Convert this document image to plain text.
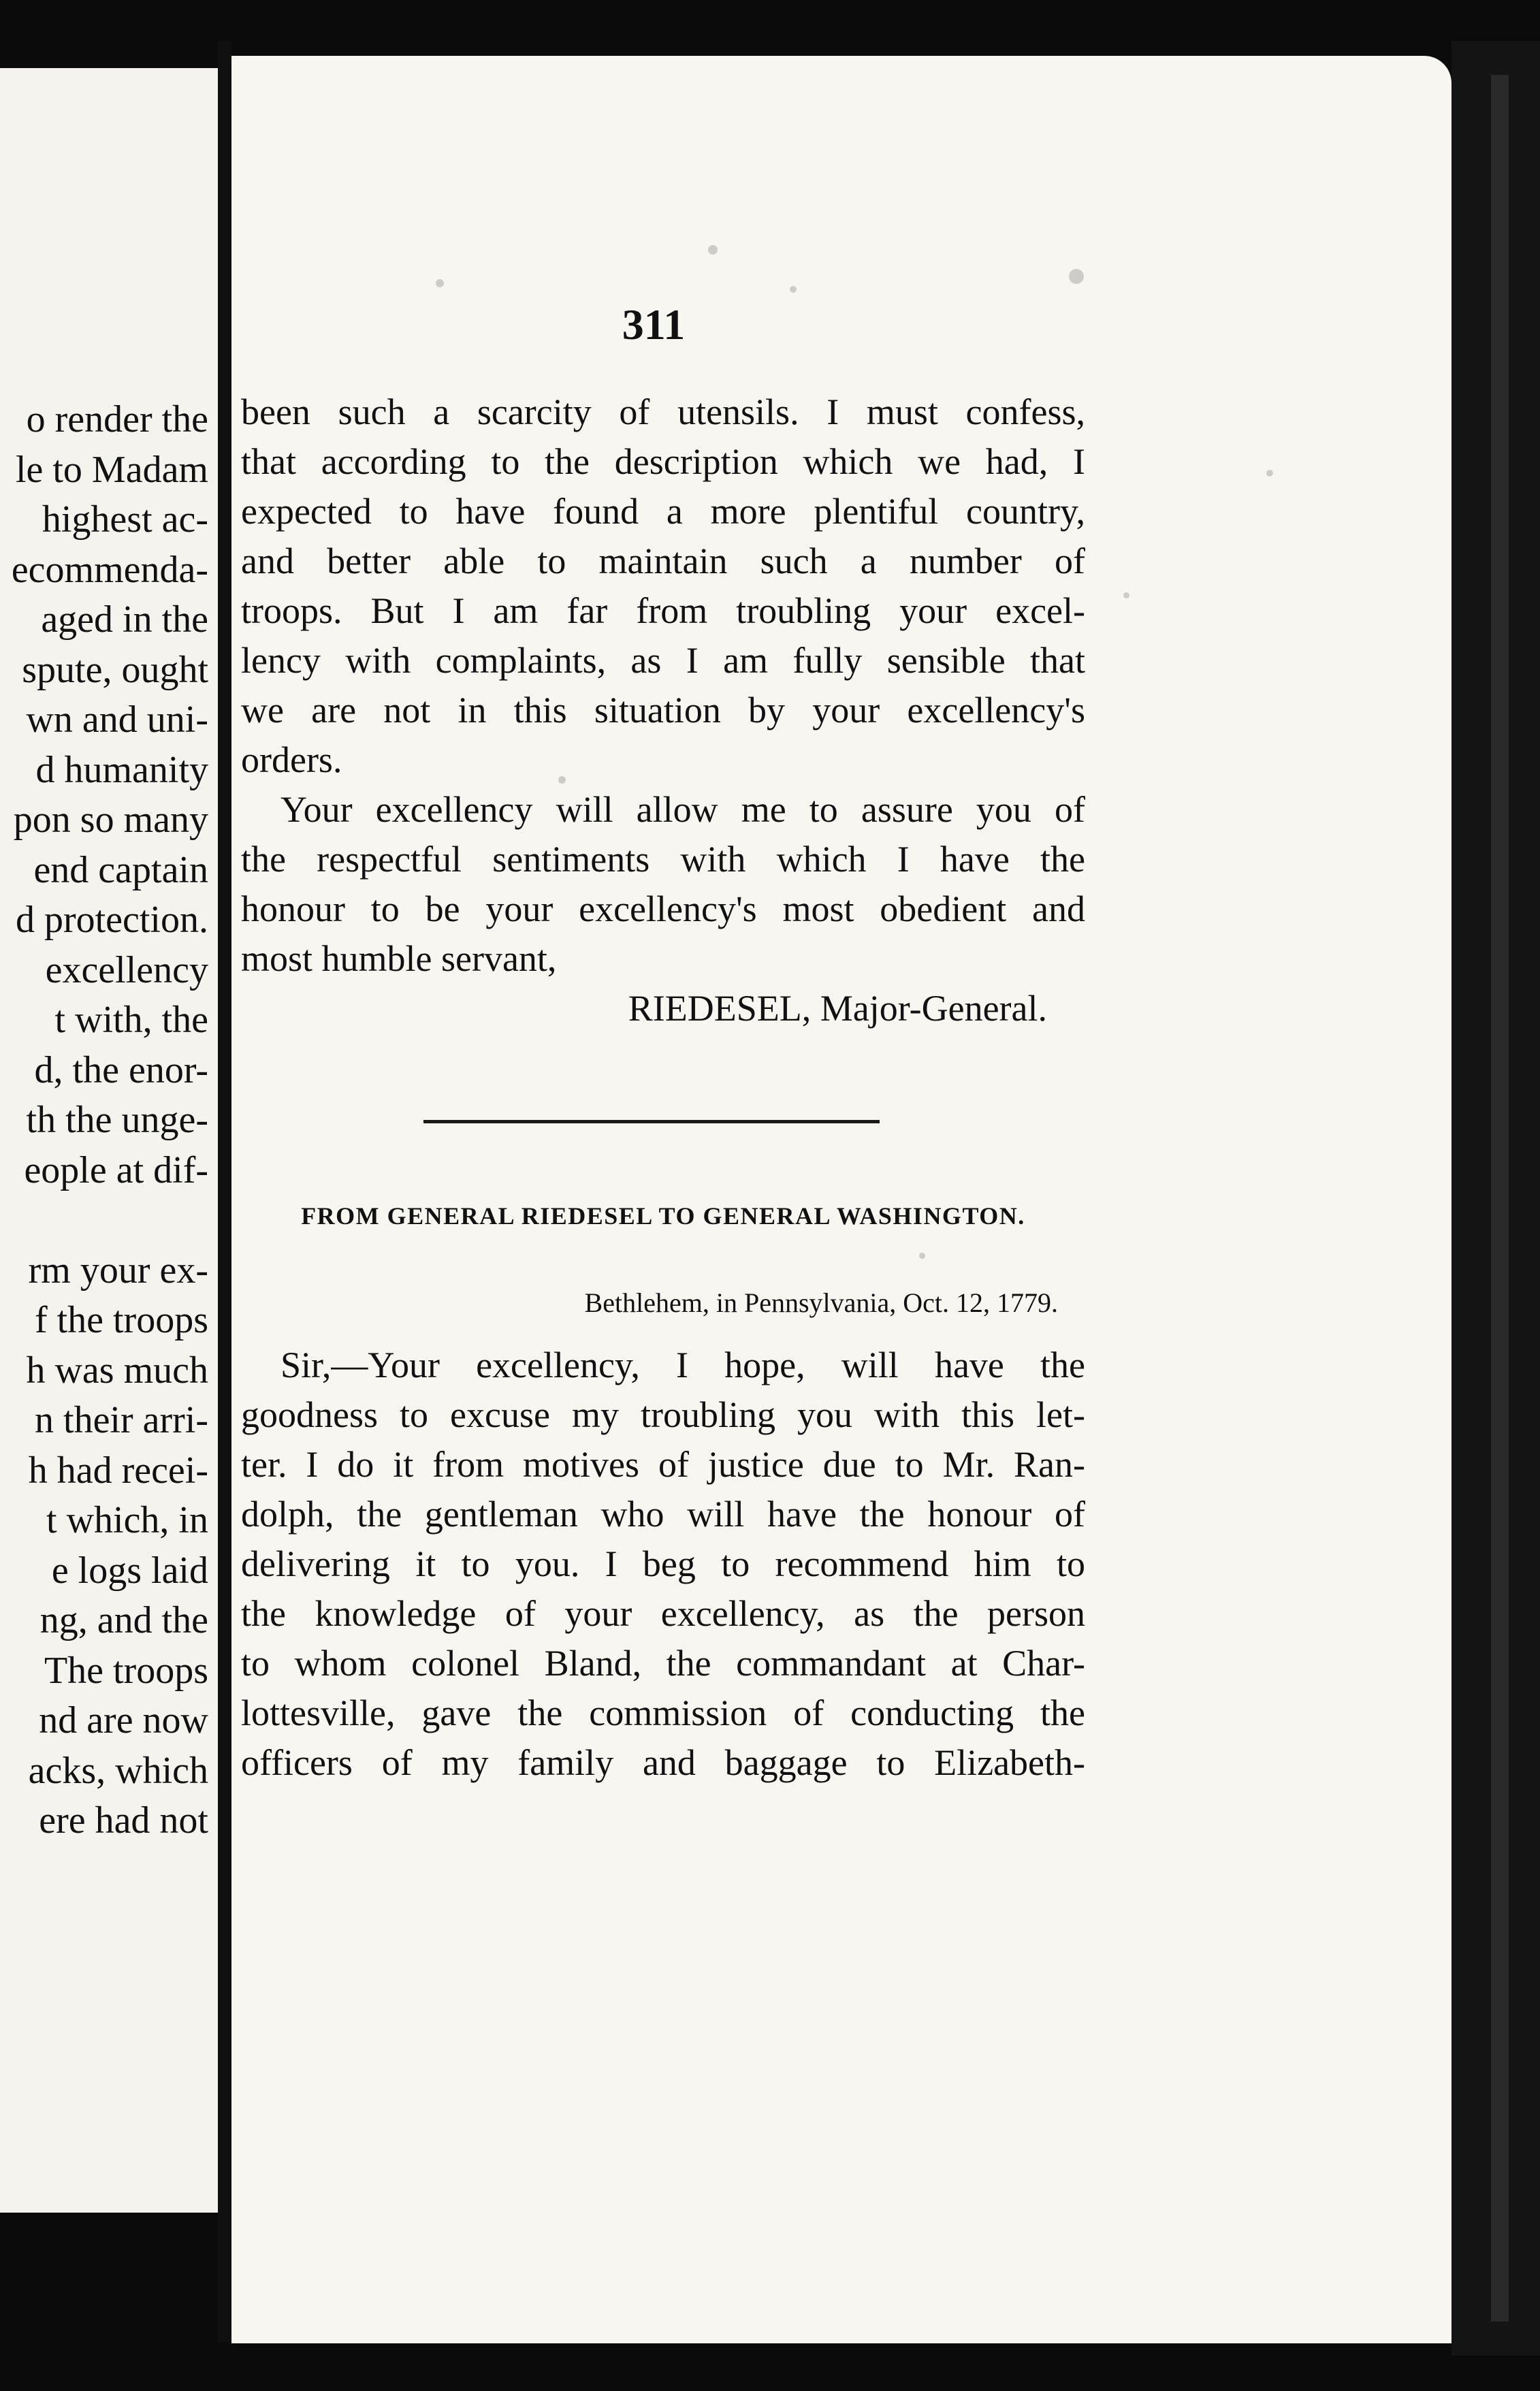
o render the
le to Madam
highest ac-
ecommenda-
aged in the
spute, ought
wn and uni-
d humanity
pon so many
end captain
d protection.
excellency
t with, the
d, the enor-
th the unge-
eople at dif-
rm your ex-
f the troops
h was much
n their arri-
h had recei-
t which, in
e logs laid
ng, and the
The troops
nd are now
acks, which
ere had not
311
been such a scarcity of utensils. I must confess,
that according to the description which we had, I
expected to have found a more plentiful country,
and better able to maintain such a number of
troops. But I am far from troubling your excel-
lency with complaints, as I am fully sensible that
we are not in this situation by your excellency's
orders.
Your excellency will allow me to assure you of
the respectful sentiments with which I have the
honour to be your excellency's most obedient and
most humble servant,
RIEDESEL, Major-General.
FROM GENERAL RIEDESEL TO GENERAL WASHINGTON.
Bethlehem, in Pennsylvania, Oct. 12, 1779.
Sir,—Your excellency, I hope, will have the
goodness to excuse my troubling you with this let-
ter. I do it from motives of justice due to Mr. Ran-
dolph, the gentleman who will have the honour of
delivering it to you. I beg to recommend him to
the knowledge of your excellency, as the person
to whom colonel Bland, the commandant at Char-
lottesville, gave the commission of conducting the
officers of my family and baggage to Elizabeth-
